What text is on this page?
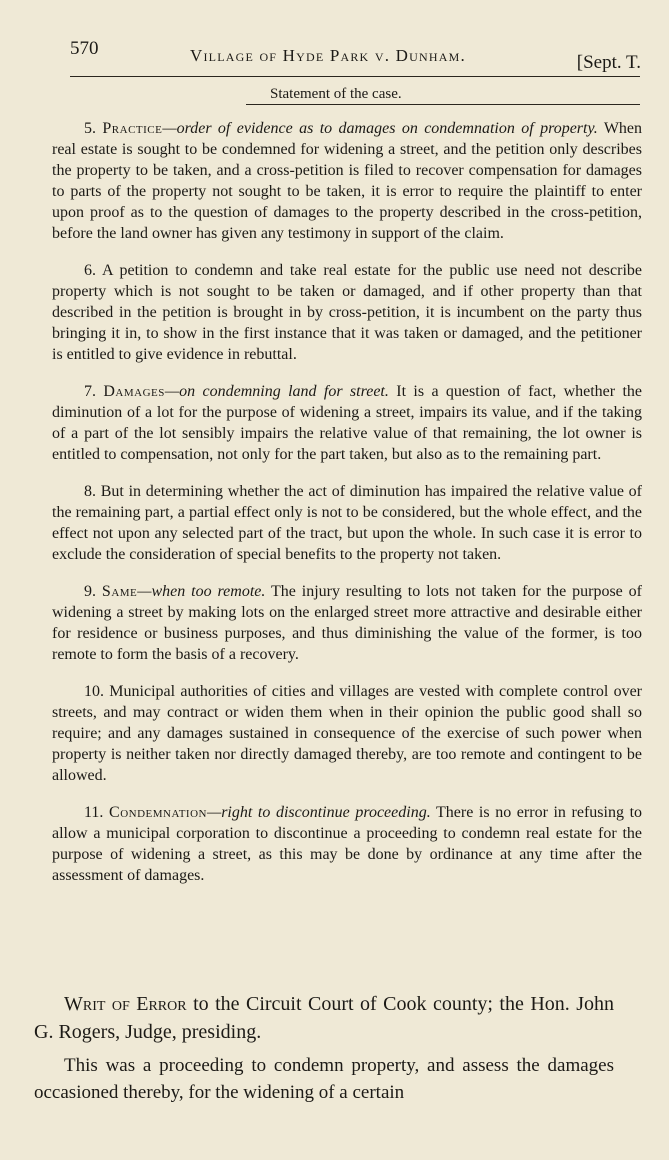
570	Village of Hyde Park v. Dunham.	[Sept. T.
Statement of the case.

5. Practice—order of evidence as to damages on condemnation of property. When real estate is sought to be condemned for widening a street, and the petition only describes the property to be taken, and a cross-petition is filed to recover compensation for damages to parts of the property not sought to be taken, it is error to require the plaintiff to enter upon proof as to the question of damages to the property described in the cross-petition, before the land owner has given any testimony in support of the claim.

6. A petition to condemn and take real estate for the public use need not describe property which is not sought to be taken or damaged, and if other property than that described in the petition is brought in by cross-petition, it is incumbent on the party thus bringing it in, to show in the first instance that it was taken or damaged, and the petitioner is entitled to give evidence in rebuttal.

7. Damages—on condemning land for street. It is a question of fact, whether the diminution of a lot for the purpose of widening a street, impairs its value, and if the taking of a part of the lot sensibly impairs the relative value of that remaining, the lot owner is entitled to compensation, not only for the part taken, but also as to the remaining part.

8. But in determining whether the act of diminution has impaired the relative value of the remaining part, a partial effect only is not to be considered, but the whole effect, and the effect not upon any selected part of the tract, but upon the whole. In such case it is error to exclude the consideration of special benefits to the property not taken.

9. Same—when too remote. The injury resulting to lots not taken for the purpose of widening a street by making lots on the enlarged street more attractive and desirable either for residence or business purposes, and thus diminishing the value of the former, is too remote to form the basis of a recovery.

10. Municipal authorities of cities and villages are vested with complete control over streets, and may contract or widen them when in their opinion the public good shall so require; and any damages sustained in consequence of the exercise of such power when property is neither taken nor directly damaged thereby, are too remote and contingent to be allowed.

11. Condemnation—right to discontinue proceeding. There is no error in refusing to allow a municipal corporation to discontinue a proceeding to condemn real estate for the purpose of widening a street, as this may be done by ordinance at any time after the assessment of damages.

Writ of Error to the Circuit Court of Cook county; the Hon. John G. Rogers, Judge, presiding.
This was a proceeding to condemn property, and assess the damages occasioned thereby, for the widening of a certain
